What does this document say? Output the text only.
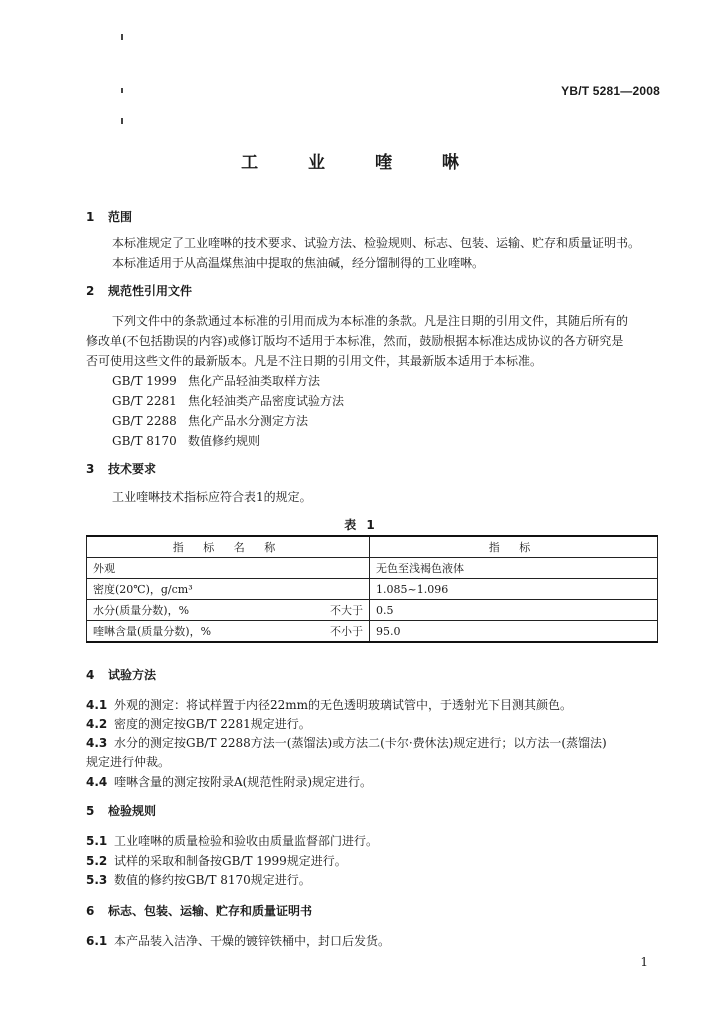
YB/T 5281—2008
工 业 喹 啉
1 范围
本标准规定了工业喹啉的技术要求、试验方法、检验规则、标志、包装、运输、贮存和质量证明书。
本标准适用于从高温煤焦油中提取的焦油碱，经分馏制得的工业喹啉。
2 规范性引用文件
下列文件中的条款通过本标准的引用而成为本标准的条款。凡是注日期的引用文件，其随后所有的
修改单(不包括勘误的内容)或修订版均不适用于本标准，然而，鼓励根据本标准达成协议的各方研究是
否可使用这些文件的最新版本。凡是不注日期的引用文件，其最新版本适用于本标准。
GB/T 1999 焦化产品轻油类取样方法
GB/T 2281 焦化轻油类产品密度试验方法
GB/T 2288 焦化产品水分测定方法
GB/T 8170 数值修约规则
3 技术要求
工业喹啉技术指标应符合表1的规定。
表 1
指 标 名 称	指 标

外观	无色至浅褐色液体

密度(20℃)，g/cm³	1.085~1.096

水分(质量分数)，% 不大于	0.5

喹啉含量(质量分数)，% 不小于	95.0
4 试验方法
4.1 外观的测定：将试样置于内径22mm的无色透明玻璃试管中，于透射光下目测其颜色。
4.2 密度的测定按GB/T 2281规定进行。
4.3 水分的测定按GB/T 2288方法一(蒸馏法)或方法二(卡尔·费休法)规定进行；以方法一(蒸馏法)
规定进行仲裁。
4.4 喹啉含量的测定按附录A(规范性附录)规定进行。
5 检验规则
5.1 工业喹啉的质量检验和验收由质量监督部门进行。
5.2 试样的采取和制备按GB/T 1999规定进行。
5.3 数值的修约按GB/T 8170规定进行。
6 标志、包装、运输、贮存和质量证明书
6.1 本产品装入洁净、干燥的镀锌铁桶中，封口后发货。
1
